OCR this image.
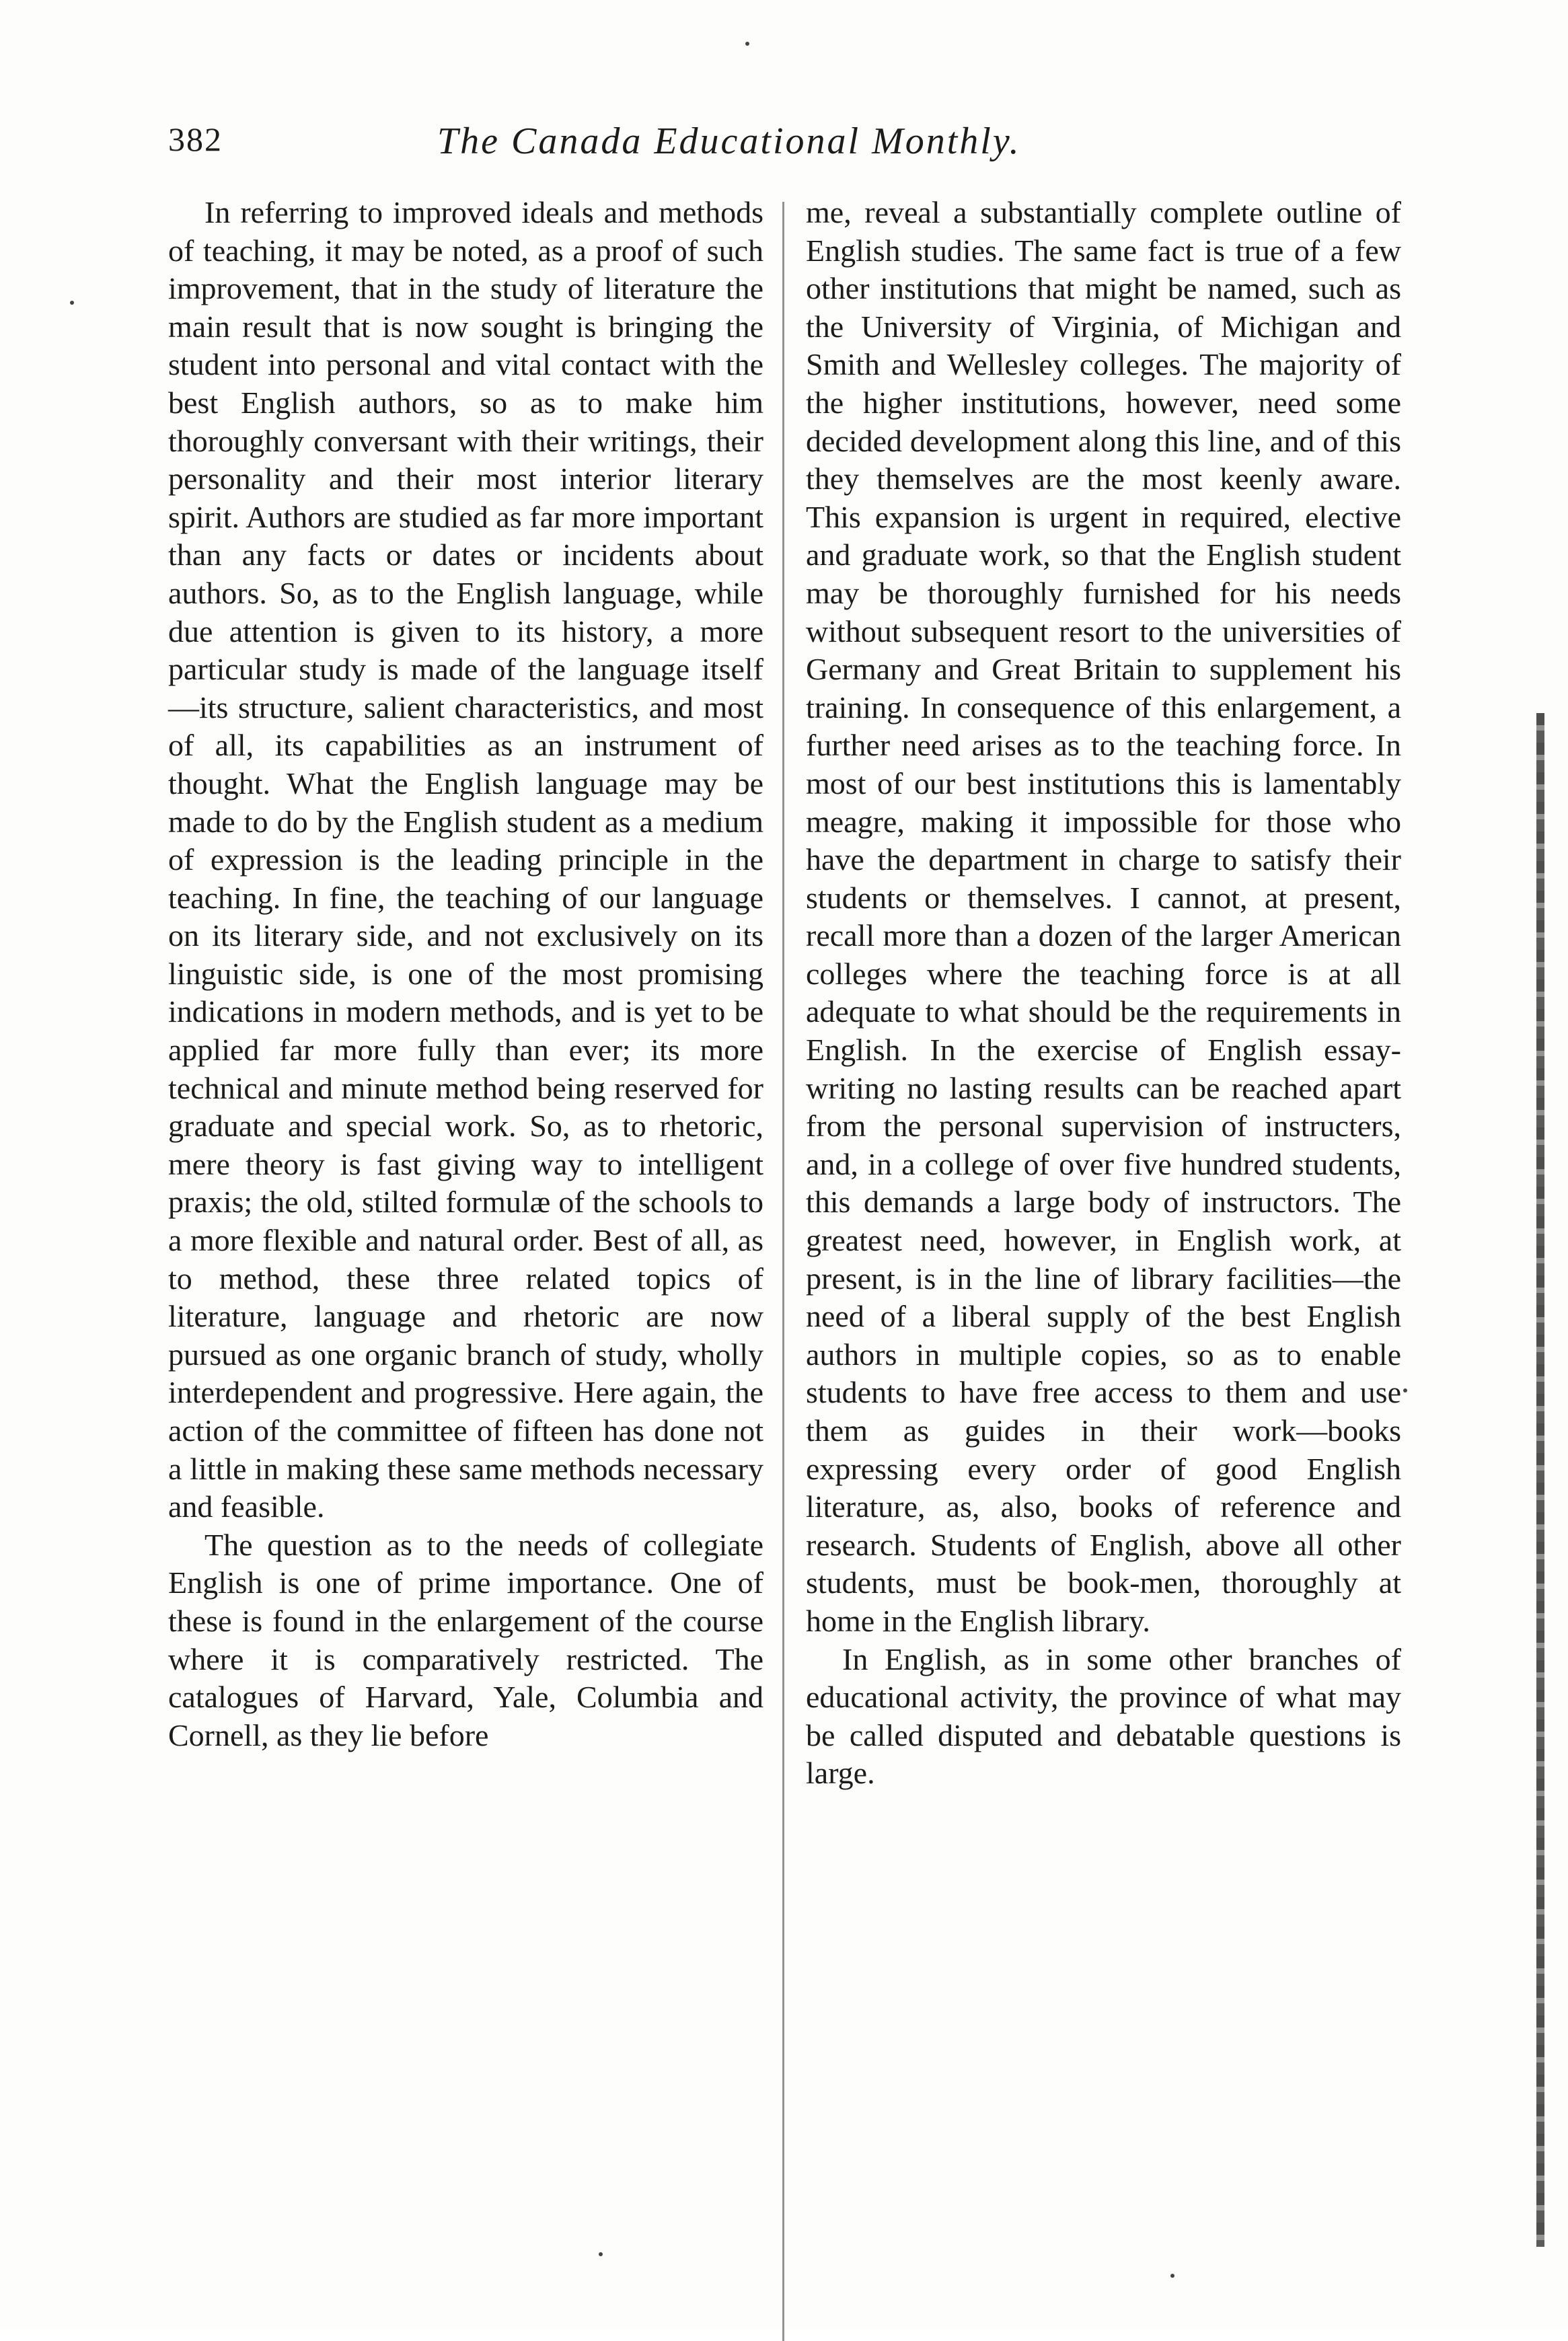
382	The Canada Educational Monthly.

In referring to improved ideals and methods of teaching, it may be noted, as a proof of such improvement, that in the study of literature the main result that is now sought is bringing the student into personal and vital contact with the best English authors, so as to make him thoroughly conversant with their writings, their personality and their most interior literary spirit. Authors are studied as far more important than any facts or dates or incidents about authors. So, as to the English language, while due attention is given to its history, a more particular study is made of the language itself—its structure, salient characteristics, and most of all, its capabilities as an instrument of thought. What the English language may be made to do by the English student as a medium of expression is the leading principle in the teaching. In fine, the teaching of our language on its literary side, and not exclusively on its linguistic side, is one of the most promising indications in modern methods, and is yet to be applied far more fully than ever; its more technical and minute method being reserved for graduate and special work. So, as to rhetoric, mere theory is fast giving way to intelligent praxis; the old, stilted formulæ of the schools to a more flexible and natural order. Best of all, as to method, these three related topics of literature, language and rhetoric are now pursued as one organic branch of study, wholly interdependent and progressive. Here again, the action of the committee of fifteen has done not a little in making these same methods necessary and feasible.

The question as to the needs of collegiate English is one of prime importance. One of these is found in the enlargement of the course where it is comparatively restricted. The catalogues of Harvard, Yale, Columbia and Cornell, as they lie before

me, reveal a substantially complete outline of English studies. The same fact is true of a few other institutions that might be named, such as the University of Virginia, of Michigan and Smith and Wellesley colleges. The majority of the higher institutions, however, need some decided development along this line, and of this they themselves are the most keenly aware. This expansion is urgent in required, elective and graduate work, so that the English student may be thoroughly furnished for his needs without subsequent resort to the universities of Germany and Great Britain to supplement his training. In consequence of this enlargement, a further need arises as to the teaching force. In most of our best institutions this is lamentably meagre, making it impossible for those who have the department in charge to satisfy their students or themselves. I cannot, at present, recall more than a dozen of the larger American colleges where the teaching force is at all adequate to what should be the requirements in English. In the exercise of English essay-writing no lasting results can be reached apart from the personal supervision of instructers, and, in a college of over five hundred students, this demands a large body of instructors. The greatest need, however, in English work, at present, is in the line of library facilities—the need of a liberal supply of the best English authors in multiple copies, so as to enable students to have free access to them and use them as guides in their work—books expressing every order of good English literature, as, also, books of reference and research. Students of English, above all other students, must be book-men, thoroughly at home in the English library.

In English, as in some other branches of educational activity, the province of what may be called disputed and debatable questions is large.
